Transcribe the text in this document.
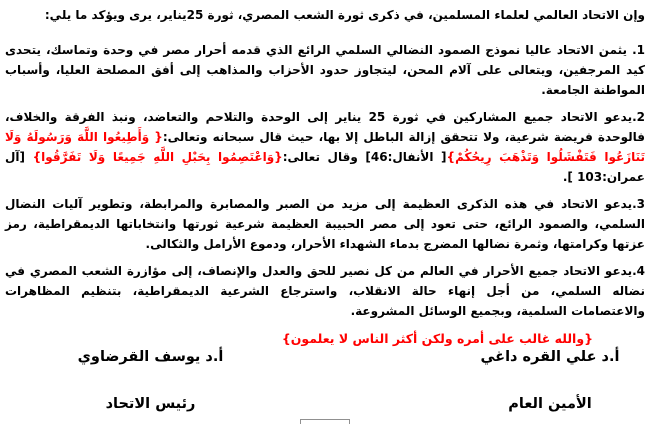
وإن الاتحاد العالمي لعلماء المسلمين، في ذكرى ثورة الشعب المصري، ثورة 25يناير، يرى ويؤكد ما يلي:

1. يثمن الاتحاد عاليا نموذج الصمود النضالي السلمي الرائع الذي قدمه أحرار مصر في وحدة وتماسك، يتحدى كيد المرجفين، ويتعالى على آلام المحن، ليتجاوز حدود الأحزاب والمذاهب إلى أفق المصلحة العليا، وأسباب المواطنة الجامعة.

2.يدعو الاتحاد جميع المشاركين في ثورة 25 يناير إلى الوحدة والتلاحم والتعاضد، ونبذ الفرقة والخلاف، فالوحدة فريضة شرعية، ولا تتحقق إزالة الباطل إلا بها، حيث قال سبحانه وتعالى:{ وَأَطِيعُوا اللَّهَ وَرَسُولَهُ وَلَا تَنَازَعُوا فَتَفْشَلُوا وَتَذْهَبَ رِيحُكُمْ}[ الأنفال:46] وقال تعالى:{وَاعْتَصِمُوا بِحَبْلِ اللَّهِ جَمِيعًا وَلَا تَفَرَّقُوا} [آل عمران:103 ].

3.يدعو الاتحاد في هذه الذكرى العظيمة إلى مزيد من الصبر والمصابرة والمرابطة، وتطوير آليات النضال السلمي، والصمود الرائع، حتى تعود إلى مصر الحبيبة العظيمة شرعية ثورتها وانتخاباتها الديمقراطية، رمز عزتها وكرامتها، وثمرة نضالها المضرج بدماء الشهداء الأحرار، ودموع الأرامل والثكالى.

4.يدعو الاتحاد جميع الأحرار في العالم من كل نصير للحق والعدل والإنصاف، إلى مؤازرة الشعب المصري في نضاله السلمي، من أجل إنهاء حالة الانقلاب، واسترجاع الشرعية الديمقراطية، بتنظيم المظاهرات والاعتصامات السلمية، وبجميع الوسائل المشروعة.

{والله غالب على أمره ولكن أكثر الناس لا يعلمون}

أ.د علي القره داغي
الأمين العام
أ.د يوسف القرضاوي
رئيس الاتحاد
